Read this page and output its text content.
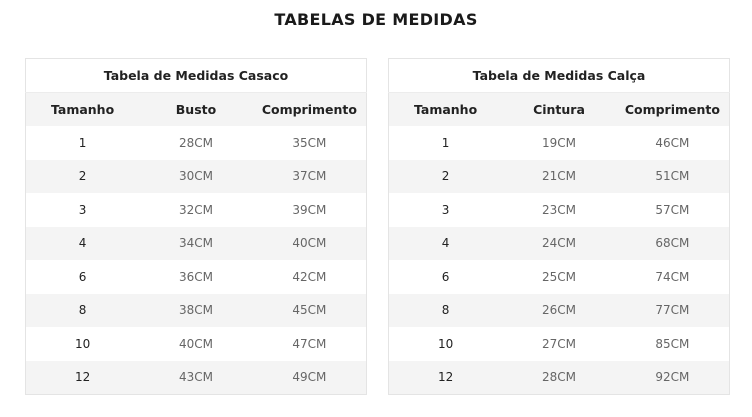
TABELAS DE MEDIDAS
Tabela de Medidas Casaco		
Tamanho	Busto	Comprimento
1	28CM	35CM
2	30CM	37CM
3	32CM	39CM
4	34CM	40CM
6	36CM	42CM
8	38CM	45CM
10	40CM	47CM
12	43CM	49CM
Tabela de Medidas Calça		
Tamanho	Cintura	Comprimento
1	19CM	46CM
2	21CM	51CM
3	23CM	57CM
4	24CM	68CM
6	25CM	74CM
8	26CM	77CM
10	27CM	85CM
12	28CM	92CM
